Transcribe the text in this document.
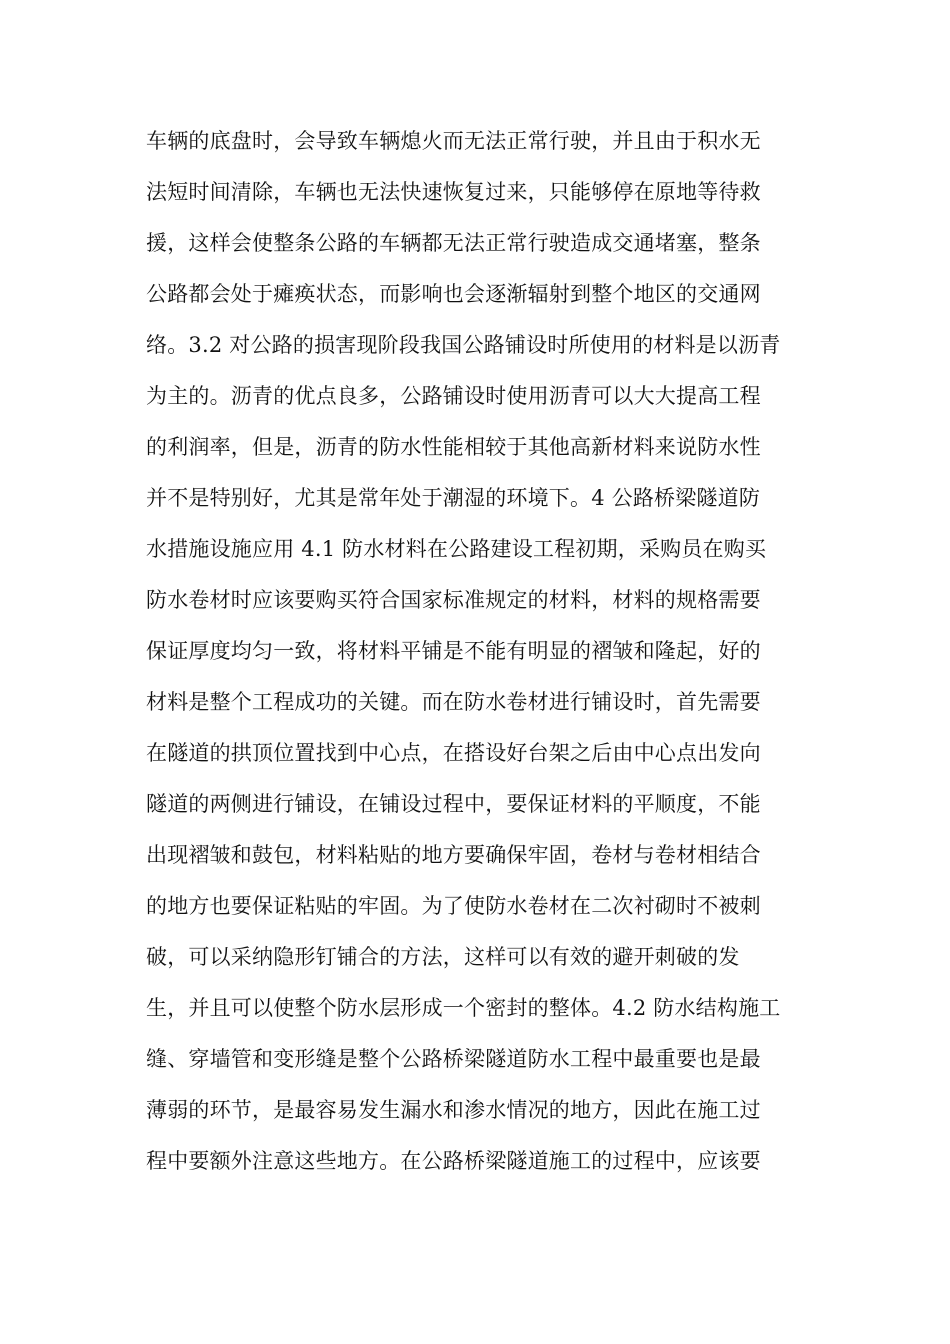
车辆的底盘时，会导致车辆熄火而无法正常行驶，并且由于积水无
法短时间清除，车辆也无法快速恢复过来，只能够停在原地等待救
援，这样会使整条公路的车辆都无法正常行驶造成交通堵塞，整条
公路都会处于瘫痪状态，而影响也会逐渐辐射到整个地区的交通网
络。3.2 对公路的损害现阶段我国公路铺设时所使用的材料是以沥青
为主的。沥青的优点良多，公路铺设时使用沥青可以大大提高工程
的利润率，但是，沥青的防水性能相较于其他高新材料来说防水性
并不是特别好，尤其是常年处于潮湿的环境下。4 公路桥梁隧道防
水措施设施应用 4.1 防水材料在公路建设工程初期，采购员在购买
防水卷材时应该要购买符合国家标准规定的材料，材料的规格需要
保证厚度均匀一致，将材料平铺是不能有明显的褶皱和隆起，好的
材料是整个工程成功的关键。而在防水卷材进行铺设时，首先需要
在隧道的拱顶位置找到中心点，在搭设好台架之后由中心点出发向
隧道的两侧进行铺设，在铺设过程中，要保证材料的平顺度，不能
出现褶皱和鼓包，材料粘贴的地方要确保牢固，卷材与卷材相结合
的地方也要保证粘贴的牢固。为了使防水卷材在二次衬砌时不被刺
破，可以采纳隐形钉铺合的方法，这样可以有效的避开刺破的发
生，并且可以使整个防水层形成一个密封的整体。4.2 防水结构施工
缝、穿墙管和变形缝是整个公路桥梁隧道防水工程中最重要也是最
薄弱的环节，是最容易发生漏水和渗水情况的地方，因此在施工过
程中要额外注意这些地方。在公路桥梁隧道施工的过程中，应该要
